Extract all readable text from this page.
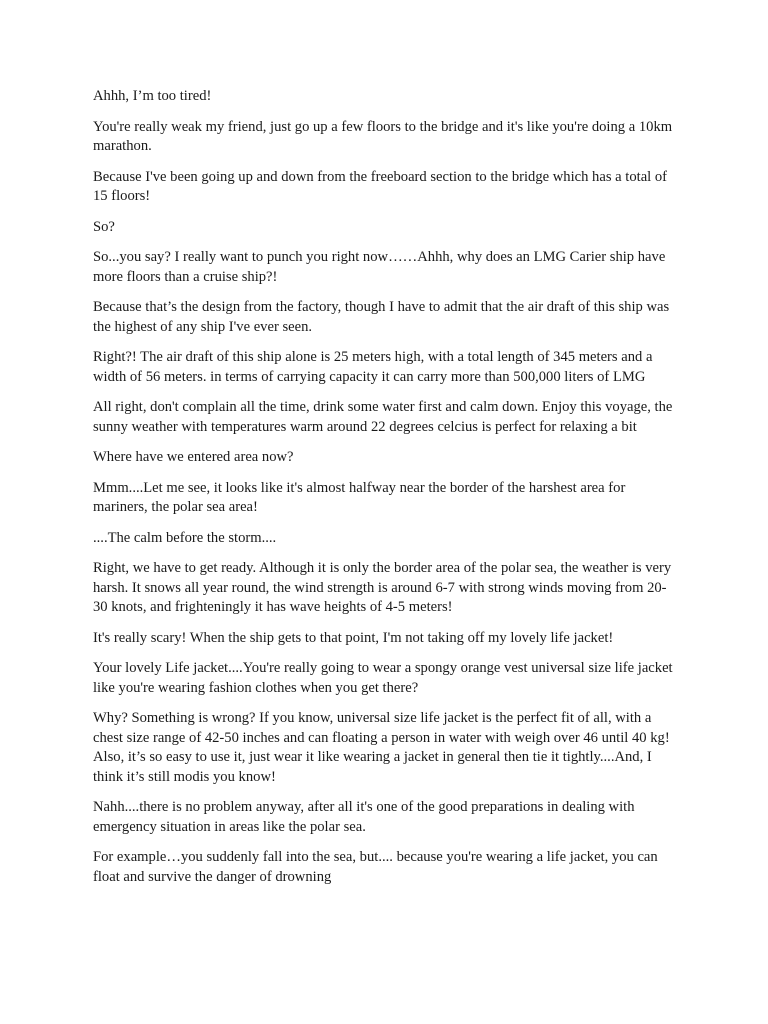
Ahhh, I’m too tired!

You're really weak my friend, just go up a few floors to the bridge and it's like you're doing a 10km marathon.

Because I've been going up and down from the freeboard section to the bridge which has a total of 15 floors!

So?

So...you say? I really want to punch you right now……Ahhh, why does an LMG Carier ship have more floors than a cruise ship?!

Because that’s the design from the factory, though I have to admit that the air draft of this ship was the highest of any ship I've ever seen.

Right?! The air draft of this ship alone is 25 meters high, with a total length of 345 meters and a width of 56 meters. in terms of carrying capacity it can carry more than 500,000 liters of LMG

All right, don't complain all the time, drink some water first and calm down. Enjoy this voyage, the sunny weather with temperatures warm around 22 degrees celcius is perfect for relaxing a bit

Where have we entered area now?

Mmm....Let me see, it looks like it's almost halfway near the border of the harshest area for mariners, the polar sea area!

....The calm before the storm....

Right, we have to get ready. Although it is only the border area of the polar sea, the weather is very harsh. It snows all year round, the wind strength is around 6-7 with strong winds moving from 20-30 knots, and frighteningly it has wave heights of 4-5 meters!

It's really scary! When the ship gets to that point, I'm not taking off my lovely life jacket!

Your lovely Life jacket....You're really going to wear a spongy orange vest universal size life jacket like you're wearing fashion clothes when you get there?

Why? Something is wrong? If you know, universal size life jacket is the perfect fit of all, with a chest size range of 42-50 inches and can floating a person in water with weigh over 46 until 40 kg! Also, it’s so easy to use it, just wear it like wearing a jacket in general then tie it tightly....And, I think it’s still modis you know!

Nahh....there is no problem anyway, after all it's one of the good preparations in dealing with emergency situation in areas like the polar sea.

For example…you suddenly fall into the sea, but.... because you're wearing a life jacket, you can float and survive the danger of drowning
